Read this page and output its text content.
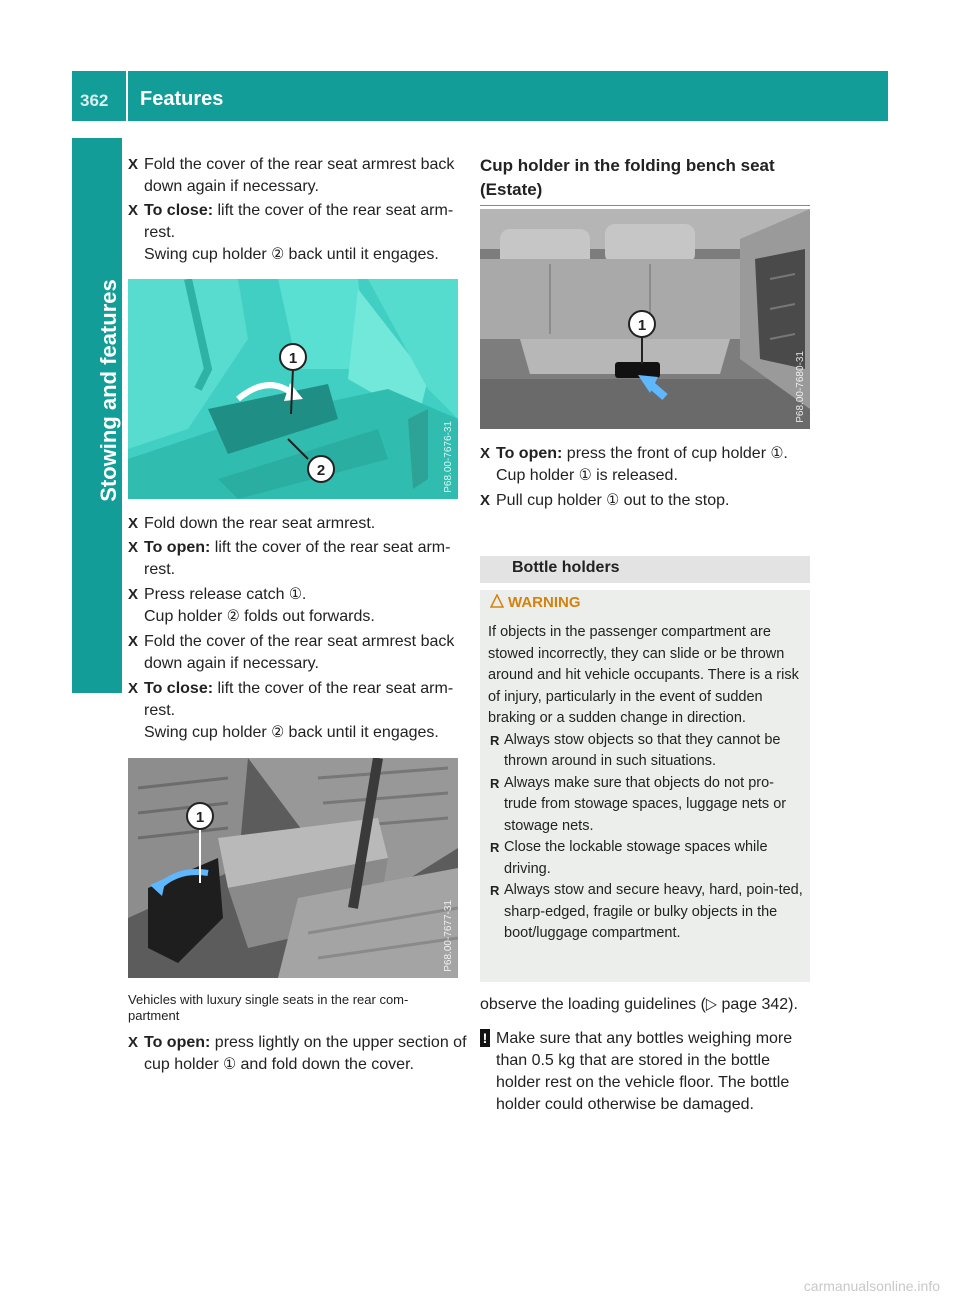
362 Features
Stowing and features
X Fold the cover of the rear seat armrest back down again if necessary.
X To close: lift the cover of the rear seat arm-rest.
Swing cup holder ② back until it engages.
1
2	P68.00-7676-31
X Fold down the rear seat armrest.
X To open: lift the cover of the rear seat arm-rest.
X Press release catch ①.
Cup holder ② folds out forwards.
X Fold the cover of the rear seat armrest back down again if necessary.
X To close: lift the cover of the rear seat arm-rest.
Swing cup holder ② back until it engages.
1
P68.00-7677-31
Vehicles with luxury single seats in the rear com-partment
X To open: press lightly on the upper section of cup holder ① and fold down the cover.
Cup holder in the folding bench seat (Estate)
1
P68.00-7680-31
X To open: press the front of cup holder ①.
Cup holder ① is released.
X Pull cup holder ① out to the stop.
Bottle holders
WARNING
If objects in the passenger compartment are stowed incorrectly, they can slide or be thrown around and hit vehicle occupants. There is a risk of injury, particularly in the event of sudden braking or a sudden change in direction.
R Always stow objects so that they cannot be thrown around in such situations.
R Always make sure that objects do not pro-trude from stowage spaces, luggage nets or stowage nets.
R Close the lockable stowage spaces while driving.
R Always stow and secure heavy, hard, poin-ted, sharp-edged, fragile or bulky objects in the boot/luggage compartment.
observe the loading guidelines (▷ page 342).
! Make sure that any bottles weighing more than 0.5 kg that are stored in the bottle holder rest on the vehicle floor. The bottle holder could otherwise be damaged.
carmanualsonline.info
